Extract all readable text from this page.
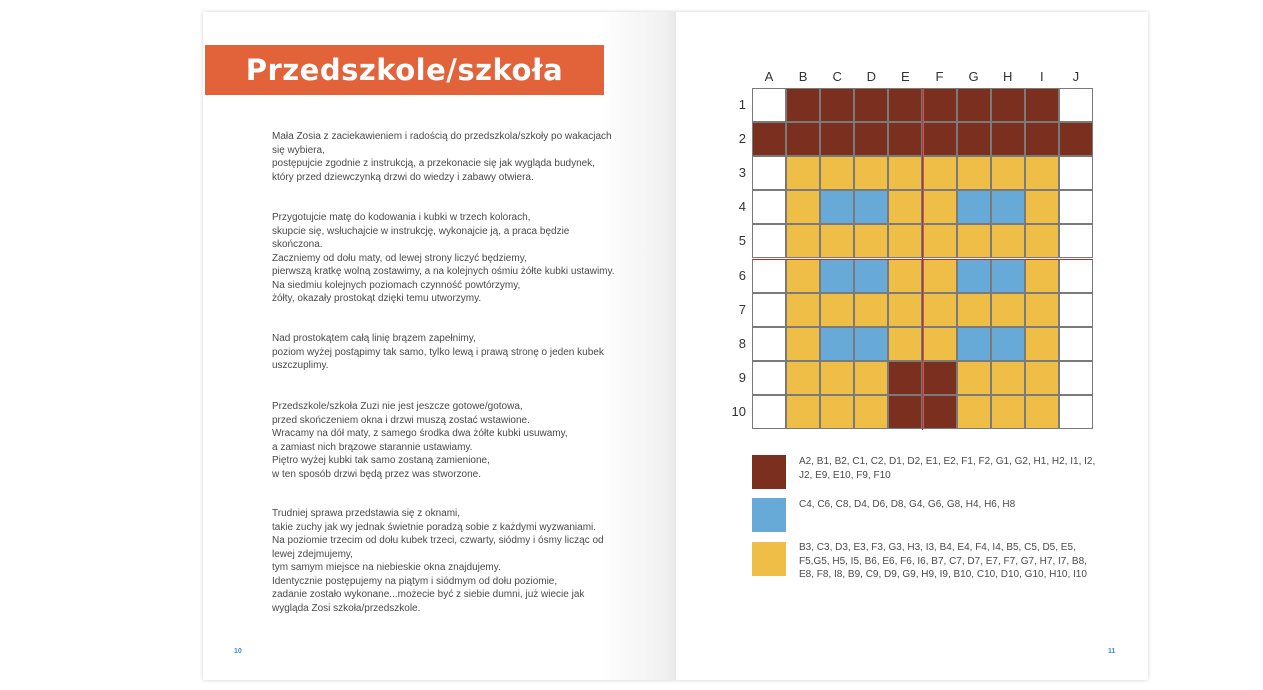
Przedszkole/szkoła
Mała Zosia z zaciekawieniem i radością do przedszkola/szkoły po wakacjach
się wybiera,
postępujcie zgodnie z instrukcją, a przekonacie się jak wygląda budynek,
który przed dziewczynką drzwi do wiedzy i zabawy otwiera.
Przygotujcie matę do kodowania i kubki w trzech kolorach,
skupcie się, wsłuchajcie w instrukcję, wykonajcie ją, a praca będzie
skończona.
Zaczniemy od dołu maty, od lewej strony liczyć będziemy,
pierwszą kratkę wolną zostawimy, a na kolejnych ośmiu żółte kubki ustawimy.
Na siedmiu kolejnych poziomach czynność powtórzymy,
żółty, okazały prostokąt dzięki temu utworzymy.
Nad prostokątem całą linię brązem zapełnimy,
poziom wyżej postąpimy tak samo, tylko lewą i prawą stronę o jeden kubek
uszczuplimy.
Przedszkole/szkoła Zuzi nie jest jeszcze gotowe/gotowa,
przed skończeniem okna i drzwi muszą zostać wstawione.
Wracamy na dół maty, z samego środka dwa żółte kubki usuwamy,
a zamiast nich brązowe starannie ustawiamy.
Piętro wyżej kubki tak samo zostaną zamienione,
w ten sposób drzwi będą przez was stworzone.
Trudniej sprawa przedstawia się z oknami,
takie zuchy jak wy jednak świetnie poradzą sobie z każdymi wyzwaniami.
Na poziomie trzecim od dołu kubek trzeci, czwarty, siódmy i ósmy licząc od
lewej zdejmujemy,
tym samym miejsce na niebieskie okna znajdujemy.
Identycznie postępujemy na piątym i siódmym od dołu poziomie,
zadanie zostało wykonane...możecie być z siebie dumni, już wiecie jak
wygląda Zosi szkoła/przedszkole.
10	11
A	B	C	D	E	F	G	H	I	J
1
2
3
4
5
6
7
8
9
10
A2, B1, B2, C1, C2, D1, D2, E1, E2, F1, F2, G1, G2, H1, H2, I1, I2, J2, E9, E10, F9, F10
C4, C6, C8, D4, D6, D8, G4, G6, G8, H4, H6, H8
B3, C3, D3, E3, F3, G3, H3, I3, B4, E4, F4, I4, B5, C5, D5, E5, F5,G5, H5, I5, B6, E6, F6, I6, B7, C7, D7, E7, F7, G7, H7, I7, B8, E8, F8, I8, B9, C9, D9, G9, H9, I9, B10, C10, D10, G10, H10, I10
